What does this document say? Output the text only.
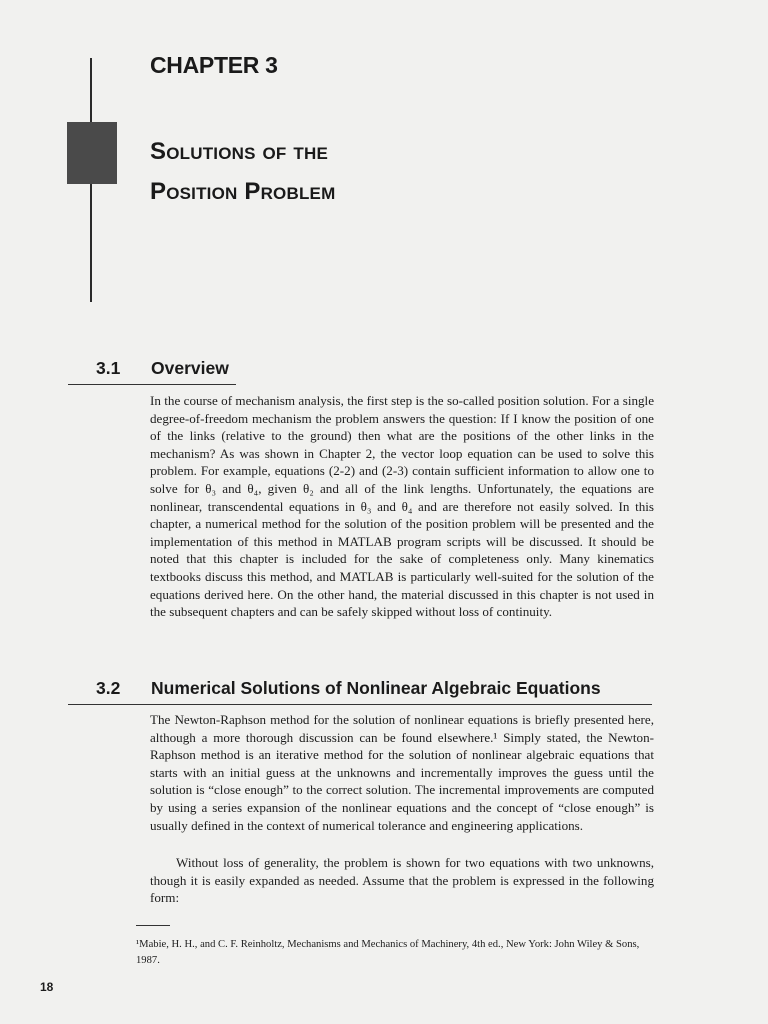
CHAPTER 3
Solutions of the
Position Problem
3.1 Overview

In the course of mechanism analysis, the first step is the so-called position solution. For a single degree-of-freedom mechanism the problem answers the question: If I know the position of one of the links (relative to the ground) then what are the positions of the other links in the mechanism? As was shown in Chapter 2, the vector loop equation can be used to solve this problem. For example, equations (2-2) and (2-3) contain sufficient information to allow one to solve for θ₃ and θ₄, given θ₂ and all of the link lengths. Unfortunately, the equations are nonlinear, transcendental equations in θ₃ and θ₄ and are therefore not easily solved. In this chapter, a numerical method for the solution of the position problem will be presented and the implementation of this method in MATLAB program scripts will be discussed. It should be noted that this chapter is included for the sake of completeness only. Many kinematics textbooks discuss this method, and MATLAB is particularly well-suited for the solution of the equations derived here. On the other hand, the material discussed in this chapter is not used in the subsequent chapters and can be safely skipped without loss of continuity.

3.2 Numerical Solutions of Nonlinear Algebraic Equations

The Newton-Raphson method for the solution of nonlinear equations is briefly presented here, although a more thorough discussion can be found elsewhere.¹ Simply stated, the Newton-Raphson method is an iterative method for the solution of nonlinear algebraic equations that starts with an initial guess at the unknowns and incrementally improves the guess until the solution is “close enough” to the correct solution. The incremental improvements are computed by using a series expansion of the nonlinear equations and the concept of “close enough” is usually defined in the context of numerical tolerance and engineering applications.

Without loss of generality, the problem is shown for two equations with two unknowns, though it is easily expanded as needed. Assume that the problem is expressed in the following form:

¹Mabie, H. H., and C. F. Reinholtz, Mechanisms and Mechanics of Machinery, 4th ed., New York: John Wiley & Sons, 1987.

18
